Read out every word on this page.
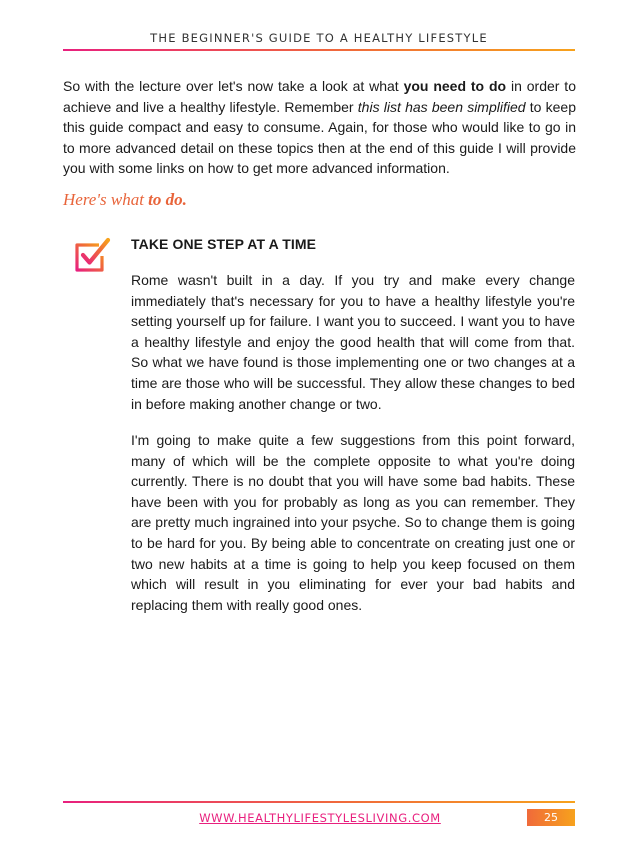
THE BEGINNER'S GUIDE TO A HEALTHY LIFESTYLE

So with the lecture over let's now take a look at what you need to do in order to achieve and live a healthy lifestyle. Remember this list has been simplified to keep this guide compact and easy to consume. Again, for those who would like to go in to more advanced detail on these topics then at the end of this guide I will provide you with some links on how to get more advanced information.

Here's what to do.

TAKE ONE STEP AT A TIME

Rome wasn't built in a day. If you try and make every change immediately that's necessary for you to have a healthy lifestyle you're setting yourself up for failure. I want you to succeed. I want you to have a healthy lifestyle and enjoy the good health that will come from that. So what we have found is those implementing one or two changes at a time are those who will be successful. They allow these changes to bed in before making another change or two.

I'm going to make quite a few suggestions from this point forward, many of which will be the complete opposite to what you're doing currently. There is no doubt that you will have some bad habits. These have been with you for probably as long as you can remember. They are pretty much ingrained into your psyche. So to change them is going to be hard for you. By being able to concentrate on creating just one or two new habits at a time is going to help you keep focused on them which will result in you eliminating for ever your bad habits and replacing them with really good ones.

WWW.HEALTHYLIFESTYLESLIVING.COM	25
